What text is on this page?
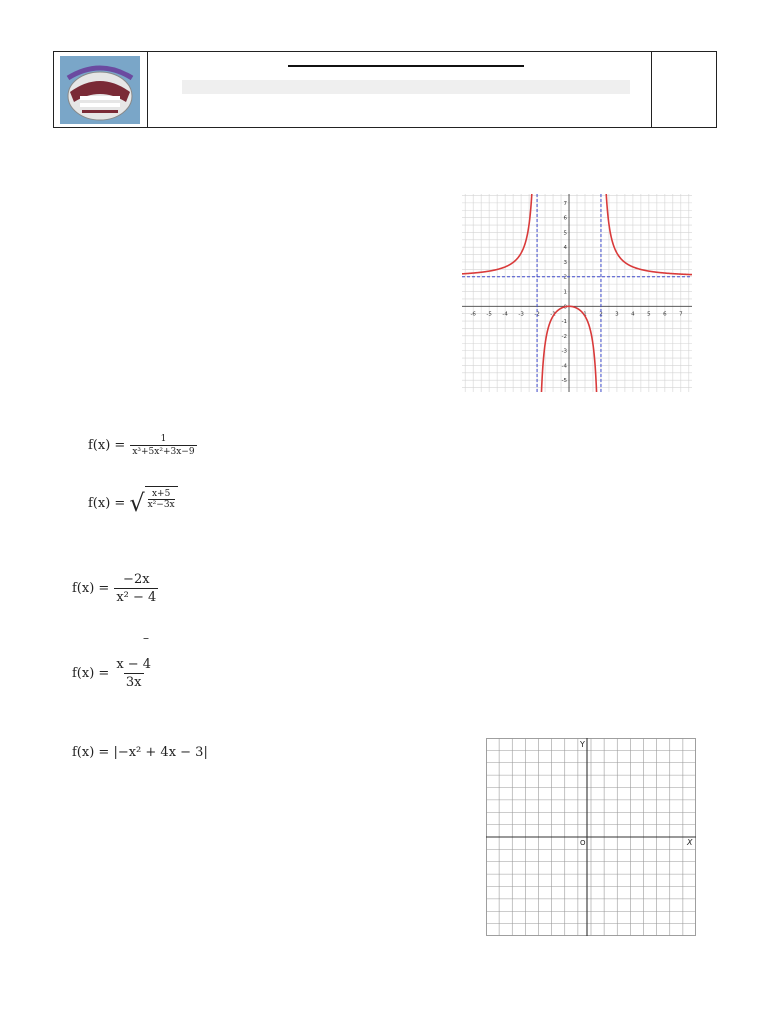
-6 -5 -4 -3 -2 -1	1 2 3 4 5 6 7
7
6
5
4
3
2
1
0
-1
-2
-3
-4
-5
$f(x) = \frac{1}{\text{x³+5x²+3x−9}}$
f(x) = √ $\frac{x+5}{\text{x²−3x}}$
$f(x) = \frac{-2x}{\text{x² − 4}}$
–
$f(x) = \frac{x - 4}{3x}$
f(x) = |−x² + 4x − 3|
Y
X
O
